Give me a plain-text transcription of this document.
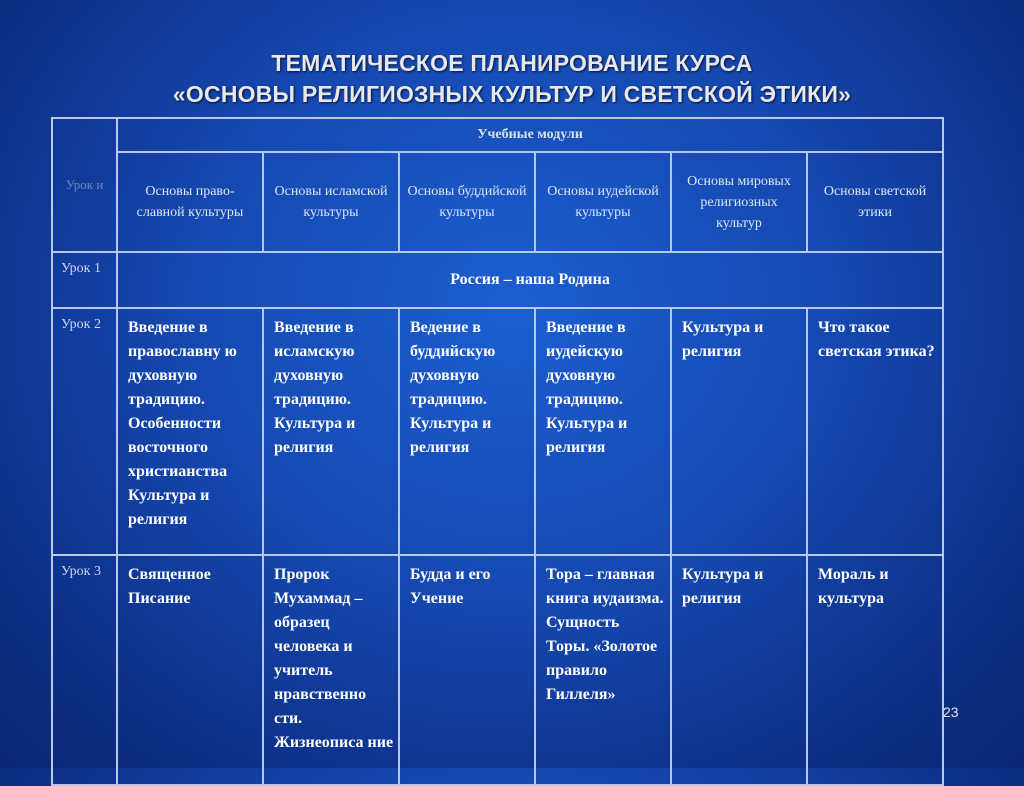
ТЕМАТИЧЕСКОЕ ПЛАНИРОВАНИЕ КУРСА
«ОСНОВЫ РЕЛИГИОЗНЫХ КУЛЬТУР И СВЕТСКОЙ ЭТИКИ»
Урок и	Учебные модули					
	Основы право-славной культуры	Основы исламской культуры	Основы буддийской культуры	Основы иудейской культуры	Основы мировых религиозных культур	Основы светской этики
Урок 1	Россия – наша Родина					
Урок 2	Введение в православну ю духовную традицию. Особенности восточного христианства Культура и религия	Введение в исламскую духовную традицию. Культура и религия	Ведение в буддийскую духовную традицию. Культура и религия	Введение в иудейскую духовную традицию. Культура и религия	Культура и религия	Что такое светская этика?
Урок 3	Священное Писание	Пророк Мухаммад – образец человека и учитель нравственно сти. Жизнеописа ние	Будда и его Учение	Тора – главная книга иудаизма. Сущность Торы. «Золотое правило Гиллеля»	Культура и религия	Мораль и культура
23
